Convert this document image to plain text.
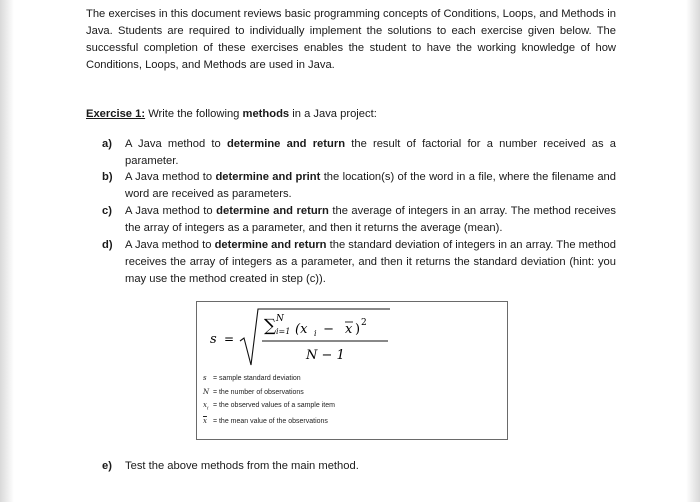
The exercises in this document reviews basic programming concepts of Conditions, Loops, and Methods in Java. Students are required to individually implement the solutions to each exercise given below. The successful completion of these exercises enables the student to have the working knowledge of how Conditions, Loops, and Methods are used in Java.

Exercise 1: Write the following methods in a Java project:
a)	A Java method to determine and return the result of factorial for a number received as a parameter.
b)	A Java method to determine and print the location(s) of the word in a file, where the filename and word are received as parameters.
c)	A Java method to determine and return the average of integers in an array. The method receives the array of integers as a parameter, and then it returns the average (mean).
d)	A Java method to determine and return the standard deviation of integers in an array. The method receives the array of integers as a parameter, and then it returns the standard deviation (hint: you may use the method created in step (c)).
s =
∑ N
i=1 (x i − x ) 2
N − 1
s = sample standard deviation
N = the number of observations
$x_i$ = the observed values of a sample item
$\overline{x}$ = the mean value of the observations
e)	Test the above methods from the main method.
